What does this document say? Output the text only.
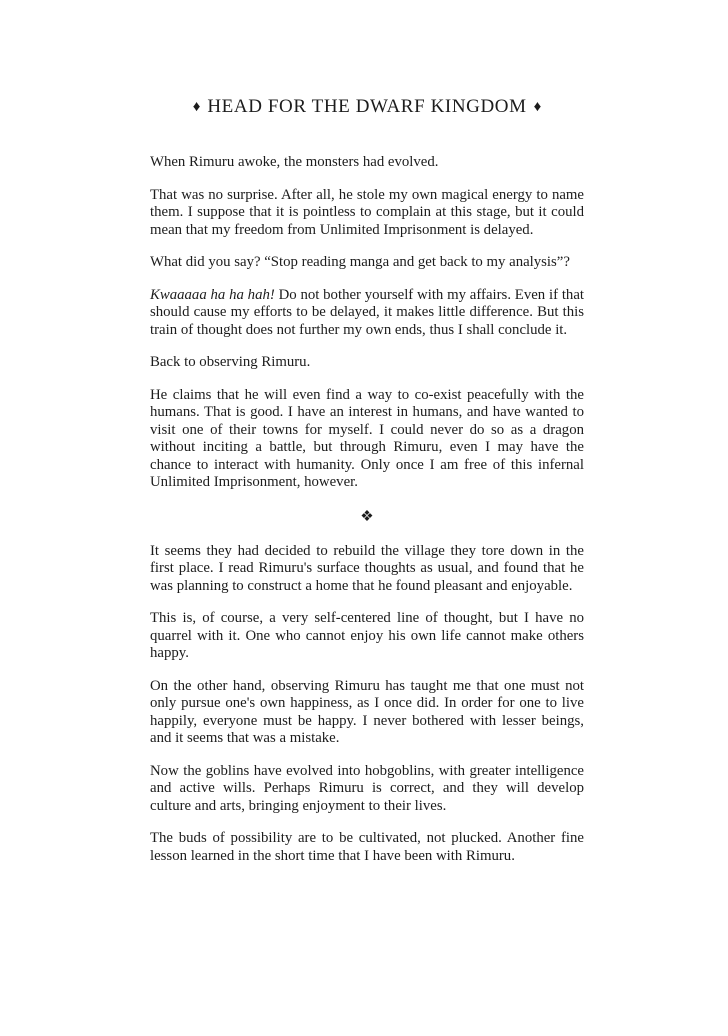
♦ HEAD FOR THE DWARF KINGDOM ♦

When Rimuru awoke, the monsters had evolved.

That was no surprise. After all, he stole my own magical energy to name them. I suppose that it is pointless to complain at this stage, but it could mean that my freedom from Unlimited Imprisonment is delayed.

What did you say? “Stop reading manga and get back to my analysis”?

Kwaaaaa ha ha hah! Do not bother yourself with my affairs. Even if that should cause my efforts to be delayed, it makes little difference. But this train of thought does not further my own ends, thus I shall conclude it.

Back to observing Rimuru.

He claims that he will even find a way to co-exist peacefully with the humans. That is good. I have an interest in humans, and have wanted to visit one of their towns for myself. I could never do so as a dragon without inciting a battle, but through Rimuru, even I may have the chance to interact with humanity. Only once I am free of this infernal Unlimited Imprisonment, however.

❖

It seems they had decided to rebuild the village they tore down in the first place. I read Rimuru's surface thoughts as usual, and found that he was planning to construct a home that he found pleasant and enjoyable.

This is, of course, a very self-centered line of thought, but I have no quarrel with it. One who cannot enjoy his own life cannot make others happy.

On the other hand, observing Rimuru has taught me that one must not only pursue one's own happiness, as I once did. In order for one to live happily, everyone must be happy. I never bothered with lesser beings, and it seems that was a mistake.

Now the goblins have evolved into hobgoblins, with greater intelligence and active wills. Perhaps Rimuru is correct, and they will develop culture and arts, bringing enjoyment to their lives.

The buds of possibility are to be cultivated, not plucked. Another fine lesson learned in the short time that I have been with Rimuru.
